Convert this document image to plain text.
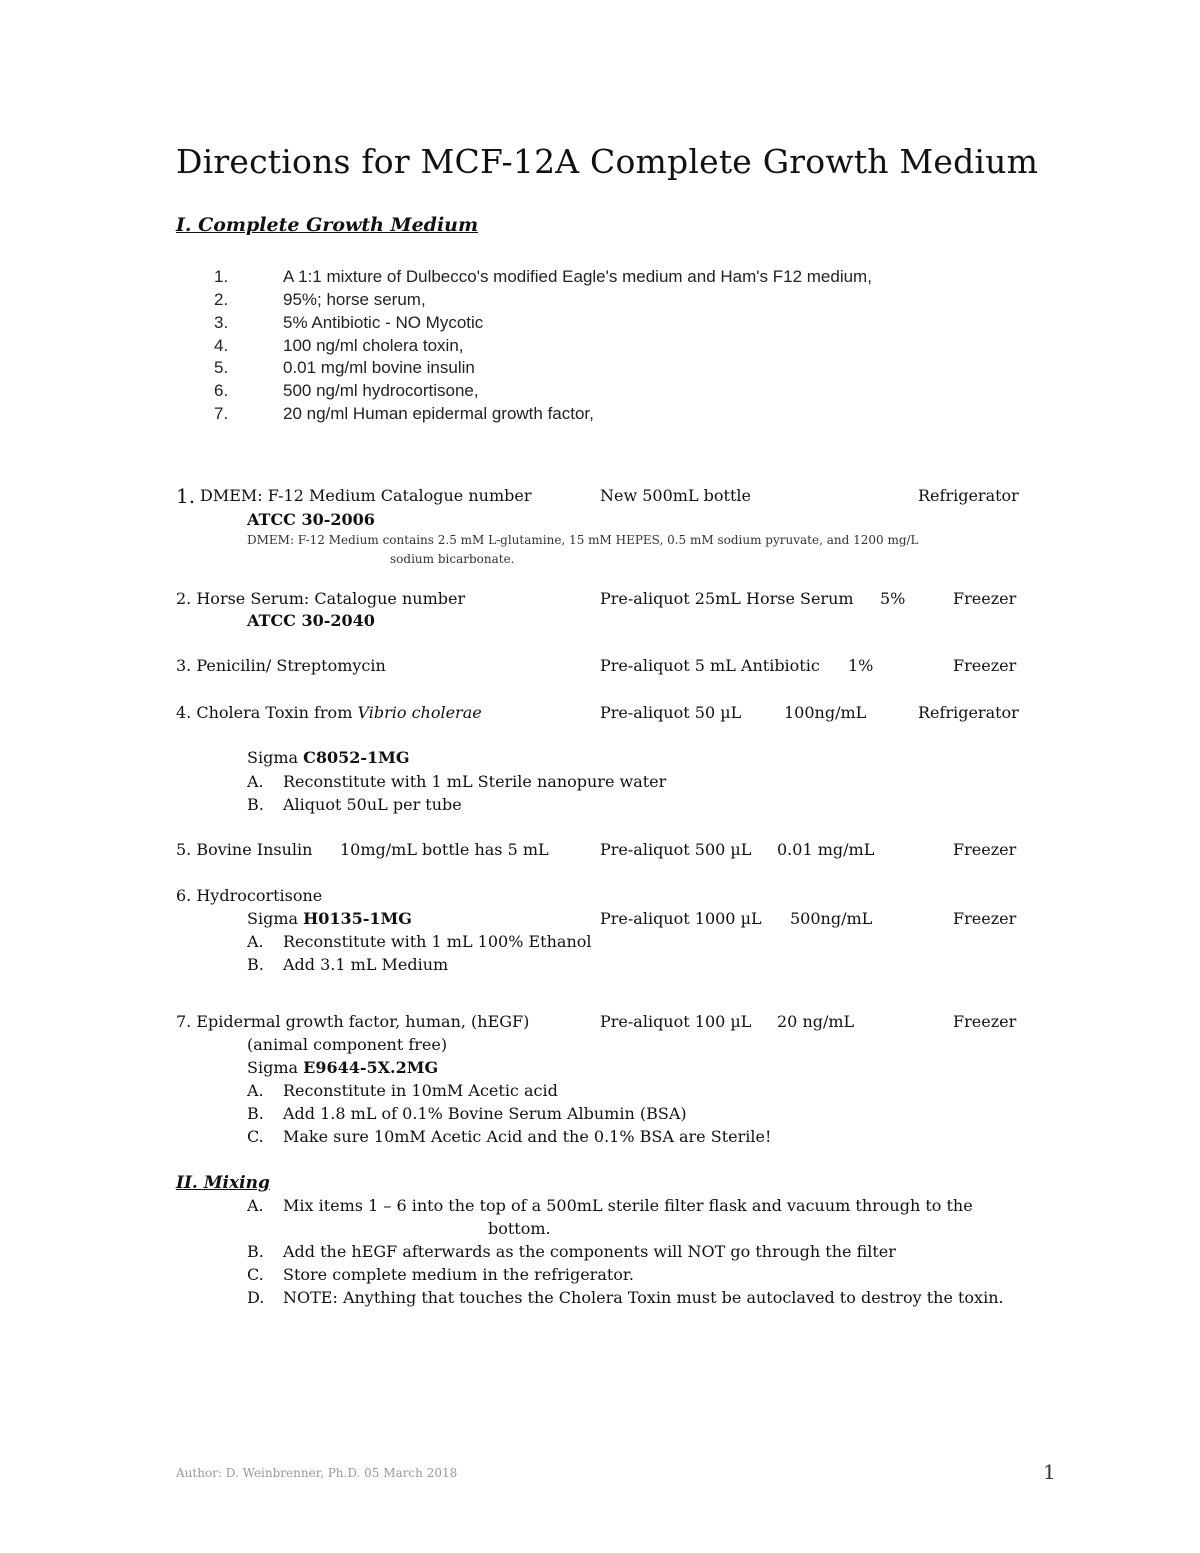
Directions for MCF-12A Complete Growth Medium
I. Complete Growth Medium
1.	A 1:1 mixture of Dulbecco's modified Eagle's medium and Ham's F12 medium,
2.	95%; horse serum,
3.	5% Antibiotic - NO Mycotic
4.	100 ng/ml cholera toxin,
5.	0.01 mg/ml bovine insulin
6.	500 ng/ml hydrocortisone,
7.	20 ng/ml Human epidermal growth factor,
1. DMEM: F-12 Medium Catalogue number	New 500mL bottle	Refrigerator
ATCC 30-2006
DMEM: F-12 Medium contains 2.5 mM L-glutamine, 15 mM HEPES, 0.5 mM sodium pyruvate, and 1200 mg/L
sodium bicarbonate.
2. Horse Serum: Catalogue number	Pre-aliquot 25mL Horse Serum 5%	Freezer
ATCC 30-2040
3. Penicilin/ Streptomycin	Pre-aliquot 5 mL Antibiotic 1%	Freezer
4. Cholera Toxin from Vibrio cholerae	Pre-aliquot 50 µL	100ng/mL	Refrigerator
Sigma C8052-1MG
A. Reconstitute with 1 mL Sterile nanopure water
B. Aliquot 50uL per tube
5. Bovine Insulin 10mg/mL bottle has 5 mL	Pre-aliquot 500 µL 0.01 mg/mL	Freezer
6. Hydrocortisone
Sigma H0135-1MG	Pre-aliquot 1000 µL 500ng/mL	Freezer
A. Reconstitute with 1 mL 100% Ethanol
B. Add 3.1 mL Medium
7. Epidermal growth factor, human, (hEGF)	Pre-aliquot 100 µL 20 ng/mL	Freezer
(animal component free)
Sigma E9644-5X.2MG
A. Reconstitute in 10mM Acetic acid
B. Add 1.8 mL of 0.1% Bovine Serum Albumin (BSA)
C. Make sure 10mM Acetic Acid and the 0.1% BSA are Sterile!
II. Mixing
A. Mix items 1 – 6 into the top of a 500mL sterile filter flask and vacuum through to the
bottom.
B. Add the hEGF afterwards as the components will NOT go through the filter
C. Store complete medium in the refrigerator.
D. NOTE: Anything that touches the Cholera Toxin must be autoclaved to destroy the toxin.
Author: D. Weinbrenner, Ph.D. 05 March 2018	1
